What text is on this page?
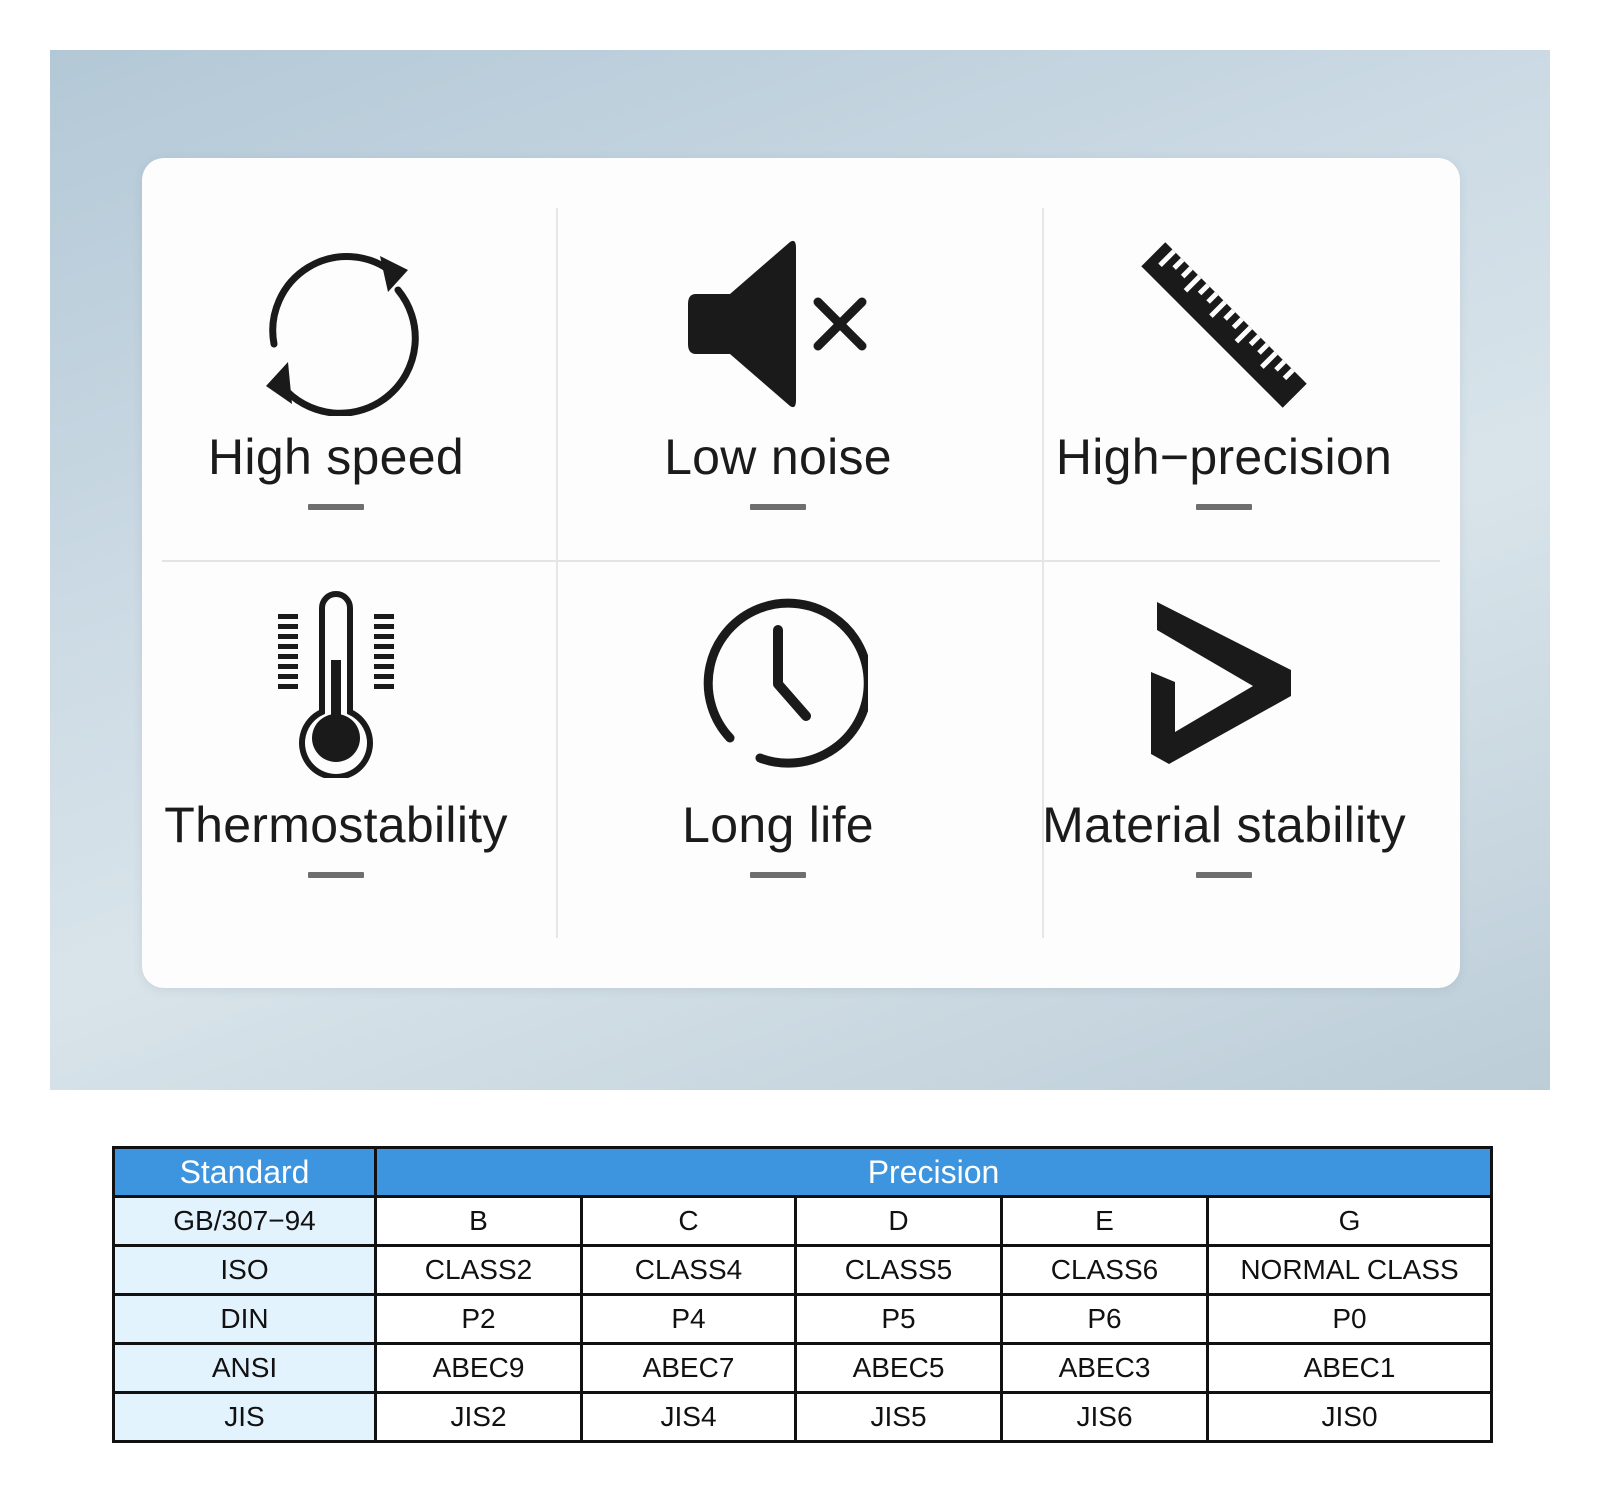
High speed	Low noise	High−precision
Thermostability	Long life	Material stability
Standard	Precision				
GB/307−94	B	C	D	E	G
ISO	CLASS2	CLASS4	CLASS5	CLASS6	NORMAL CLASS
DIN	P2	P4	P5	P6	P0
ANSI	ABEC9	ABEC7	ABEC5	ABEC3	ABEC1
JIS	JIS2	JIS4	JIS5	JIS6	JIS0
